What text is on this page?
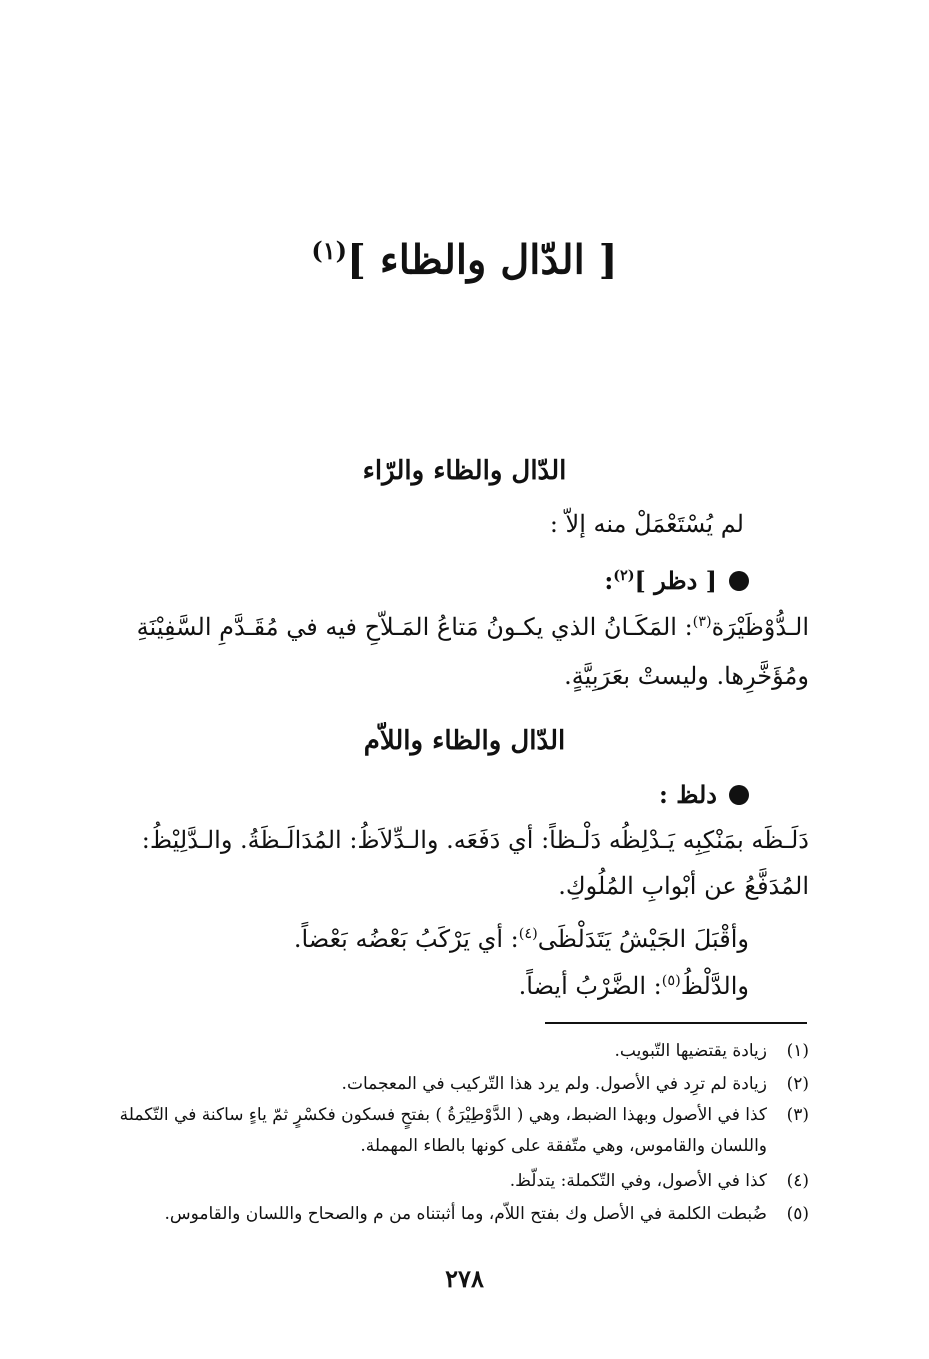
[ الدّال والظاء ]$^{(١)}$
الدّال والظاء والرّاء
لم يُسْتَعْمَلْ منه إلاّ :
[ دظر ]$^{(٢)}$:
الـدُّوْظَيْرَة$^{(٣)}$: المَكَـانُ الذي يكـونُ مَتاعُ المَـلاّحِ فيه في مُقَـدَّمِ السَّفِيْنَةِ
ومُؤَخَّرِها. وليستْ بعَرَبِيَّةٍ.
الدّال والظاء واللاّم
دلظ :
دَلَـظَه بمَنْكِبِه يَـدْلِظُه دَلْـظاً: أي دَفَعَه. والـدِّلاَظُ: المُدَالَـظَةُ. والـدَّلِيْظُ:
المُدَفَّعُ عن أبْوابِ المُلُوكِ.
وأقْبَلَ الجَيْشُ يَتَدَلْظَى$^{(٤)}$: أي يَرْكَبُ بَعْضُه بَعْضاً.
والدَّلْظُ$^{(٥)}$: الضَّرْبُ أيضاً.
(١)
زيادة يقتضيها التّبويب.
(٢)
زيادة لم ترِد في الأصول. ولم يرد هذا التّركيب في المعجمات.
(٣)
كذا في الأصول وبهذا الضبط، وهي ( الدَّوْطِيْرَةُ ) بفتحٍ فسكون فكسْرٍ ثمّ ياءٍ ساكنة في التّكملة
واللسان والقاموس، وهي متّفقة على كونها بالطاء المهملة.
(٤)
كذا في الأصول، وفي التّكملة: يتدلّظ.
(٥)
ضُبطت الكلمة في الأصل وك بفتح اللاّم، وما أثبتناه من م والصحاح واللسان والقاموس.
٢٧٨
